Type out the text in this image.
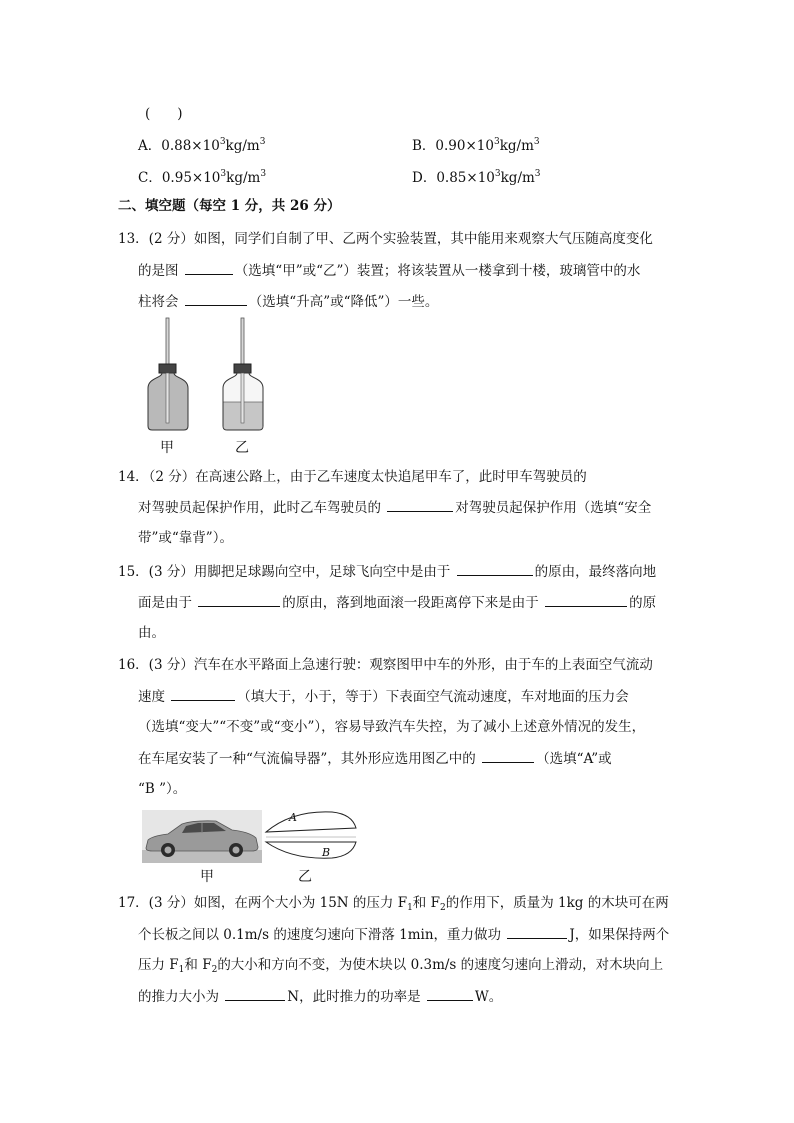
(　　)
A．$0.88\times 10^3kg/m^3$	B．$0.90\times 10^3kg/m^3$
C．$0.95\times 10^3kg/m^3$	D．$0.85\times 10^3kg/m^3$
二、填空题（每空 1 分，共 26 分）
13．(2 分）如图，同学们自制了甲、乙两个实验装置，其中能用来观察大气压随高度变化
的是图	（选填“甲”或“乙”）装置；将该装置从一楼拿到十楼，玻璃管中的水
柱将会	（选填“升高”或“降低”）一些。
甲	乙
14．（2 分）在高速公路上，由于乙车速度太快追尾甲车了，此时甲车驾驶员的
对驾驶员起保护作用，此时乙车驾驶员的	对驾驶员起保护作用（选填“安全
带”或“靠背”）。
15．(3 分）用脚把足球踢向空中，足球飞向空中是由于	的原由，最终落向地
面是由于	的原由，落到地面滚一段距离停下来是由于	的原
由。
16．(3 分）汽车在水平路面上急速行驶：观察图甲中车的外形，由于车的上表面空气流动
速度	（填大于，小于，等于）下表面空气流动速度，车对地面的压力会
（选填“变大”“不变”或“变小”），容易导致汽车失控，为了减小上述意外情况的发生，
在车尾安装了一种“气流偏导器”，其外形应选用图乙中的	（选填“A”或
“B ”）。
A
B
甲	乙
17．(3 分）如图，在两个大小为 15N 的压力 $F_1$和 $F_2$的作用下，质量为 1kg 的木块可在两
个长板之间以 0.1m/s 的速度匀速向下滑落 1min，重力做功	J，如果保持两个
压力 $F_1$和 $F_2$的大小和方向不变，为使木块以 0.3m/s 的速度匀速向上滑动，对木块向上
的推力大小为	N，此时推力的功率是	W。
